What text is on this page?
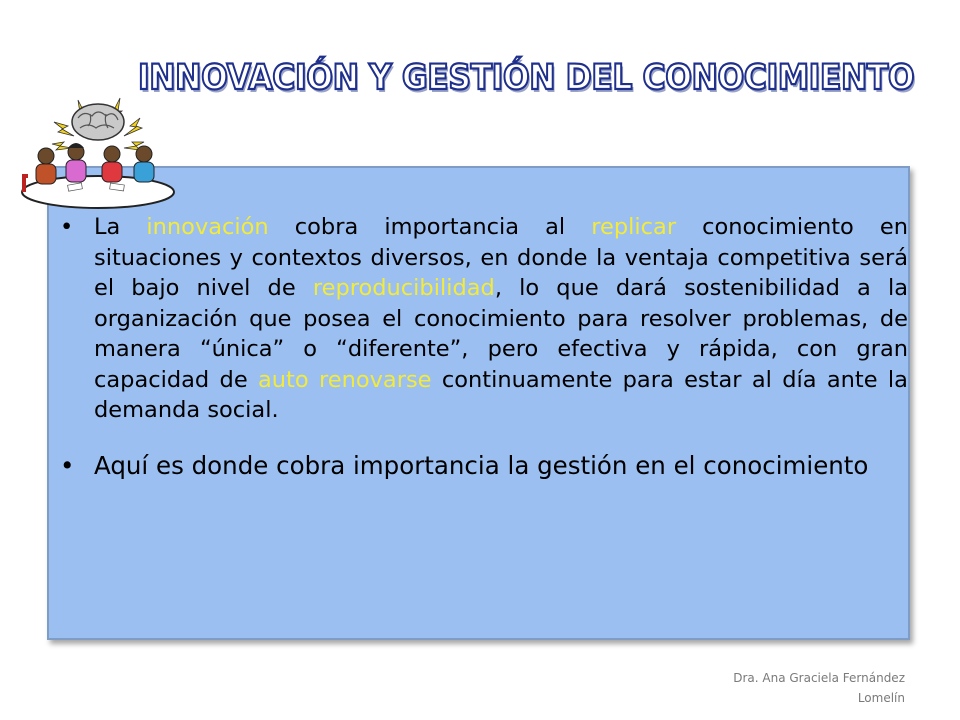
INNOVACIÓN Y GESTIÓN DEL CONOCIMIENTO
• La innovación cobra importancia al replicar conocimiento en situaciones y contextos diversos, en donde la ventaja competitiva será el bajo nivel de reproducibilidad, lo que dará sostenibilidad a la organización que posea el conocimiento para resolver problemas, de manera “única” o “diferente”, pero efectiva y rápida, con gran capacidad de auto renovarse continuamente para estar al día ante la demanda social.
• Aquí es donde cobra importancia la gestión en el conocimiento
Dra. Ana Graciela Fernández
Lomelín
